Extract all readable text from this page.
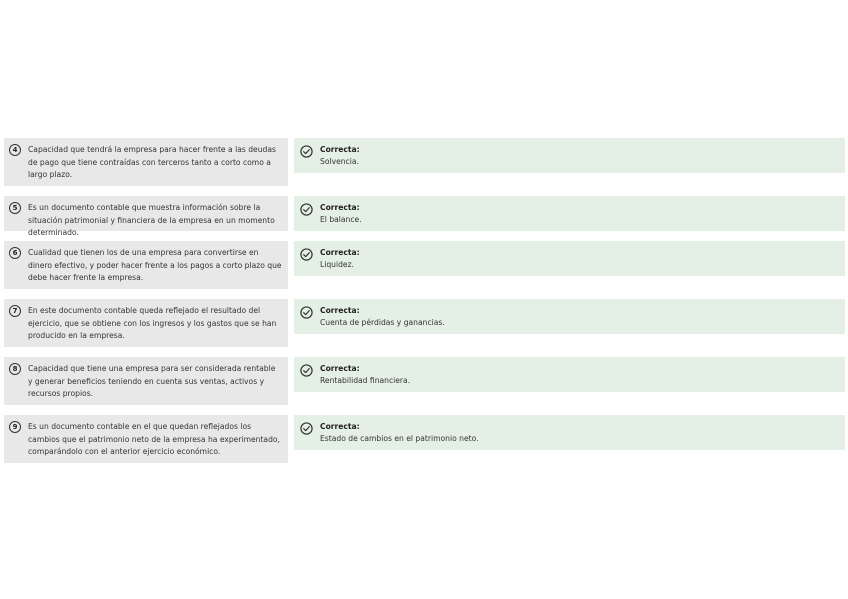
4	Capacidad que tendrá la empresa para hacer frente a las deudas de pago que tiene contraídas con terceros tanto a corto como a largo plazo.
Correcta:
Solvencia.
5	Es un documento contable que muestra información sobre la situación patrimonial y financiera de la empresa en un momento determinado.
Correcta:
El balance.
6	Cualidad que tienen los de una empresa para convertirse en dinero efectivo, y poder hacer frente a los pagos a corto plazo que debe hacer frente la empresa.
Correcta:
Liquidez.
7	En este documento contable queda reflejado el resultado del ejercicio, que se obtiene con los ingresos y los gastos que se han producido en la empresa.
Correcta:
Cuenta de pérdidas y ganancias.
8	Capacidad que tiene una empresa para ser considerada rentable y generar beneficios teniendo en cuenta sus ventas, activos y recursos propios.
Correcta:
Rentabilidad financiera.
9	Es un documento contable en el que quedan reflejados los cambios que el patrimonio neto de la empresa ha experimentado, comparándolo con el anterior ejercicio económico.
Correcta:
Estado de cambios en el patrimonio neto.
